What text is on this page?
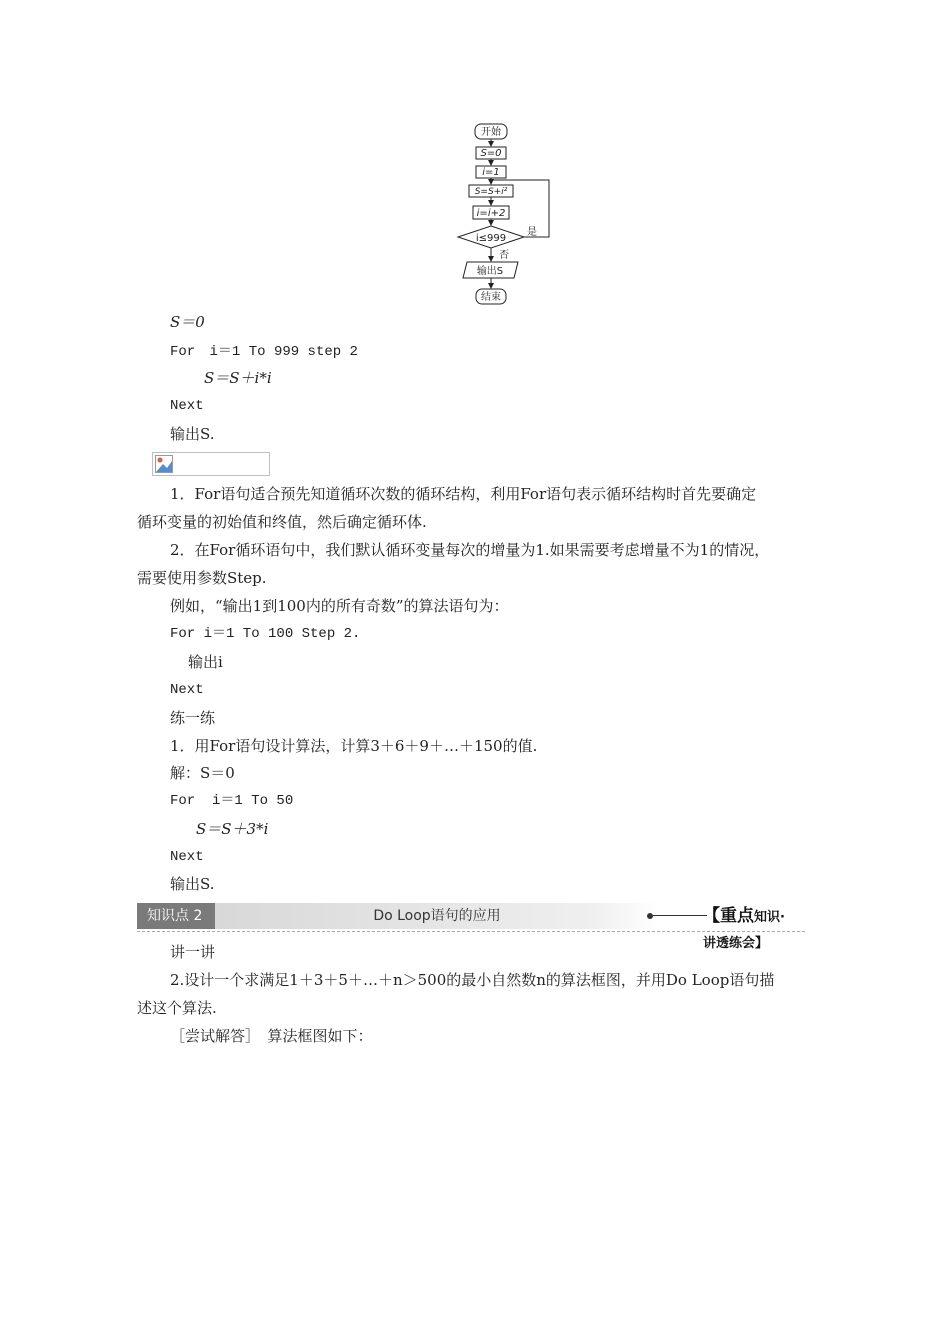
开始
S=0
i=1
S=S+i²
i=i+2
i≤999
是
否
输出S
结束
S＝0
For i＝1 To 999 step 2
S＝S＋i*i
Next
输出S.
1．For语句适合预先知道循环次数的循环结构，利用For语句表示循环结构时首先要确定
循环变量的初始值和终值，然后确定循环体.
2．在For循环语句中，我们默认循环变量每次的增量为1.如果需要考虑增量不为1的情况，
需要使用参数Step.
例如，“输出1到100内的所有奇数”的算法语句为：
For i＝1 To 100 Step 2.
输出i
Next
练一练
1．用For语句设计算法，计算3＋6＋9＋…＋150的值.
解：S＝0
For  i＝1 To 50
S＝S＋3*i
Next
输出S.
知识点 2	Do Loop语句的应用	【重点知识·讲透练会】
讲一讲
2.设计一个求满足1＋3＋5＋…＋n＞500的最小自然数n的算法框图，并用Do Loop语句描
述这个算法.
［尝试解答］　算法框图如下：
